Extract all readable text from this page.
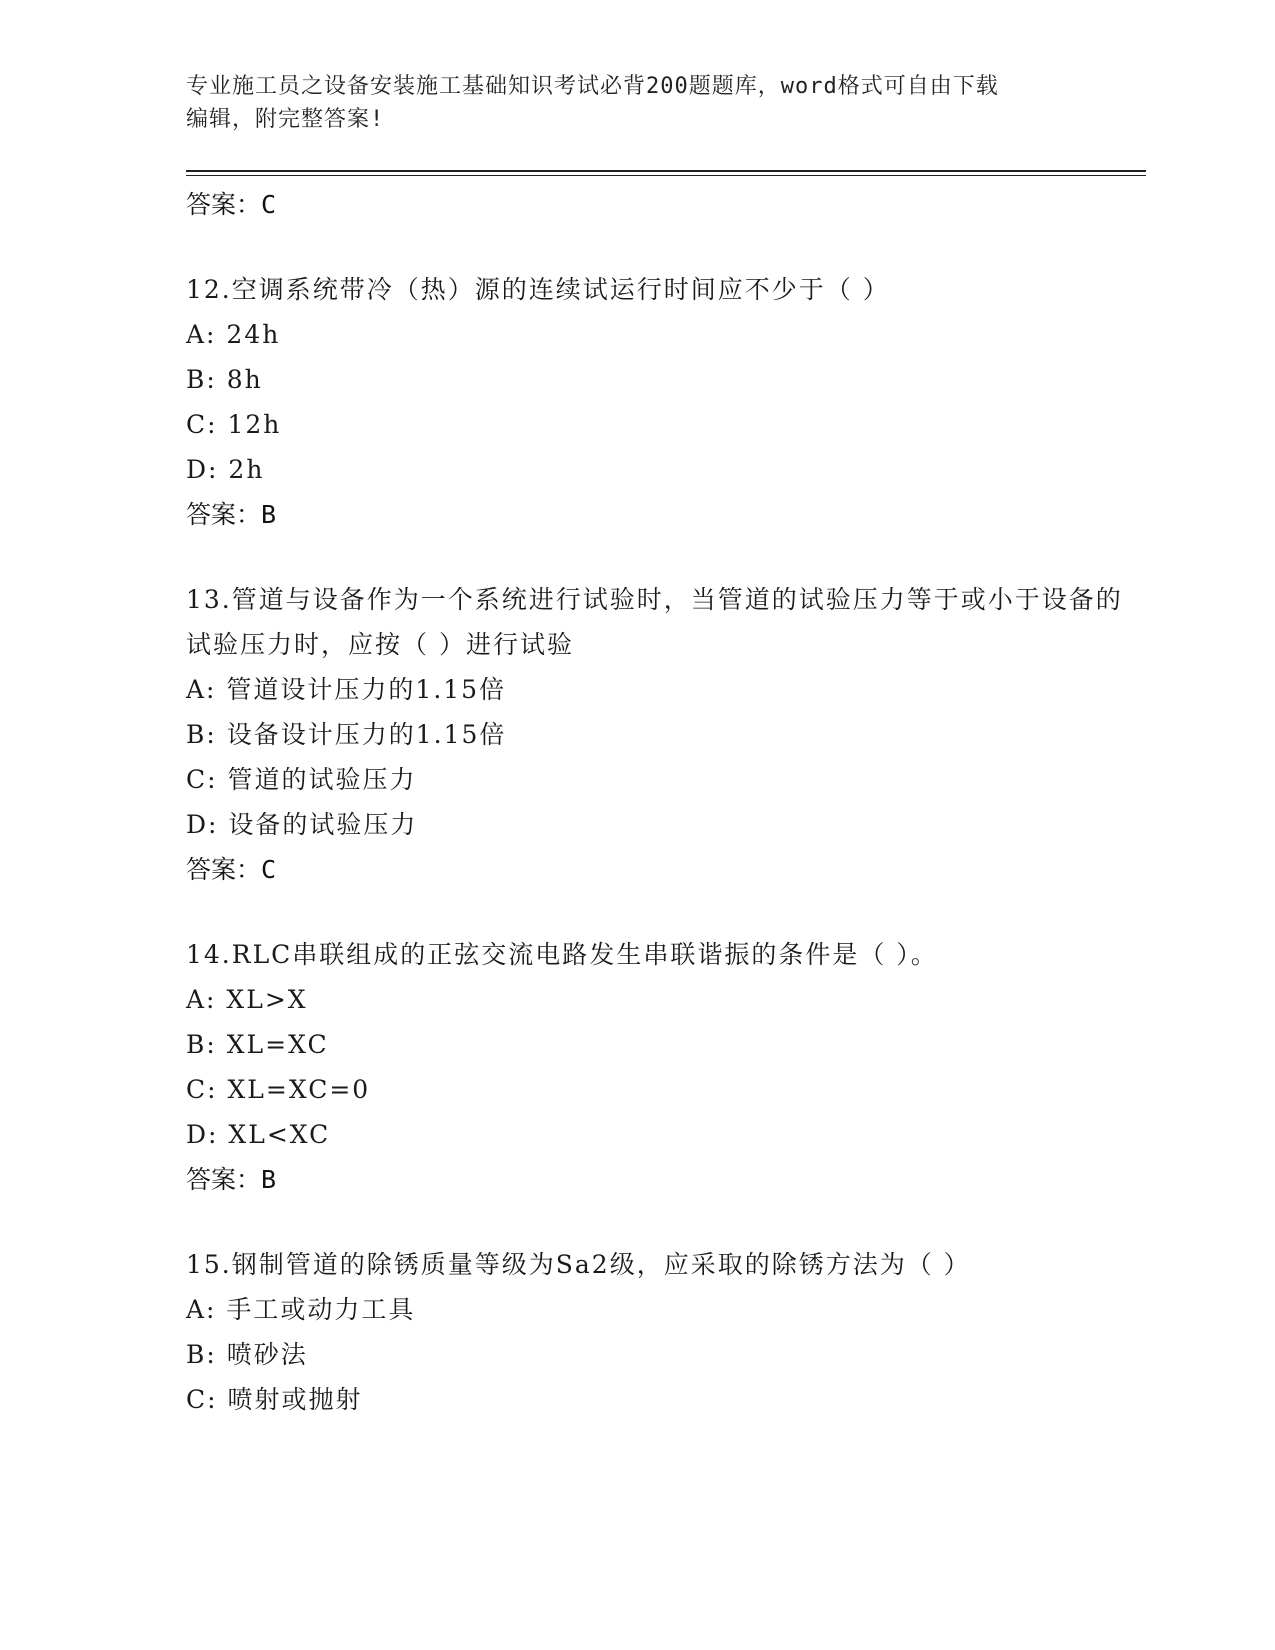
专业施工员之设备安装施工基础知识考试必背200题题库，word格式可自由下载
编辑，附完整答案!
答案：C
12.空调系统带冷（热）源的连续试运行时间应不少于（ ）
A: 24h
B: 8h
C: 12h
D: 2h
答案：B
13.管道与设备作为一个系统进行试验时，当管道的试验压力等于或小于设备的试验压力时，应按（ ）进行试验
A: 管道设计压力的1.15倍
B: 设备设计压力的1.15倍
C: 管道的试验压力
D: 设备的试验压力
答案：C
14.RLC串联组成的正弦交流电路发生串联谐振的条件是（ ）。
A: XL>X
B: XL=XC
C: XL=XC=0
D: XL<XC
答案：B
15.钢制管道的除锈质量等级为Sa2级，应采取的除锈方法为（ ）
A: 手工或动力工具
B: 喷砂法
C: 喷射或抛射
